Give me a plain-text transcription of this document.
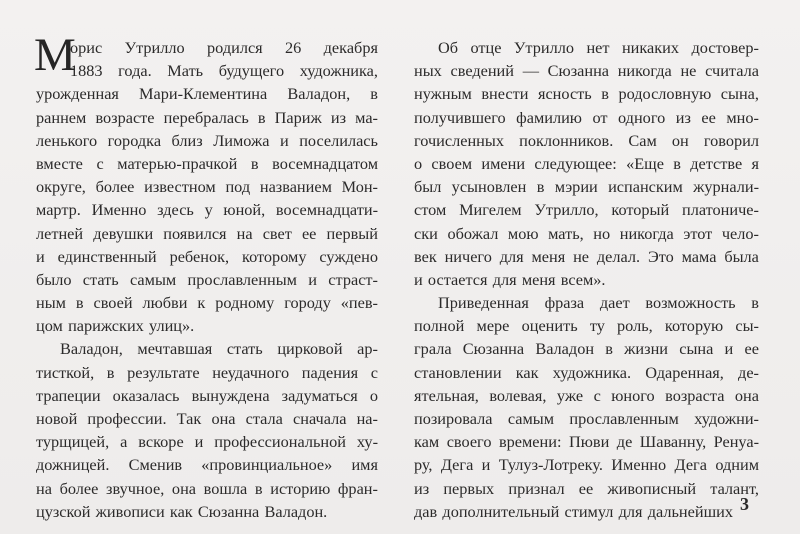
М
орис Утрилло родился 26 декабря
1883 года. Мать будущего художника,
урожденная Мари-Клементина Валадон, в
раннем возрасте перебралась в Париж из ма-
ленького городка близ Лиможа и поселилась
вместе с матерью-прачкой в восемнадцатом
округе, более известном под названием Мон-
мартр. Именно здесь у юной, восемнадцати-
летней девушки появился на свет ее первый
и единственный ребенок, которому суждено
было стать самым прославленным и страст-
ным в своей любви к родному городу «пев-
цом парижских улиц».
Валадон, мечтавшая стать цирковой ар-
тисткой, в результате неудачного падения с
трапеции оказалась вынуждена задуматься о
новой профессии. Так она стала сначала на-
турщицей, а вскоре и профессиональной ху-
дожницей. Сменив «провинциальное» имя
на более звучное, она вошла в историю фран-
цузской живописи как Сюзанна Валадон.
Об отце Утрилло нет никаких достовер-
ных сведений — Сюзанна никогда не считала
нужным внести ясность в родословную сына,
получившего фамилию от одного из ее мно-
гочисленных поклонников. Сам он говорил
о своем имени следующее: «Еще в детстве я
был усыновлен в мэрии испанским журнали-
стом Мигелем Утрилло, который платониче-
ски обожал мою мать, но никогда этот чело-
век ничего для меня не делал. Это мама была
и остается для меня всем».
Приведенная фраза дает возможность в
полной мере оценить ту роль, которую сы-
грала Сюзанна Валадон в жизни сына и ее
становлении как художника. Одаренная, де-
ятельная, волевая, уже с юного возраста она
позировала самым прославленным художни-
кам своего времени: Пюви де Шаванну, Ренуа-
ру, Дега и Тулуз-Лотреку. Именно Дега одним
из первых признал ее живописный талант,
дав дополнительный стимул для дальнейших 3
